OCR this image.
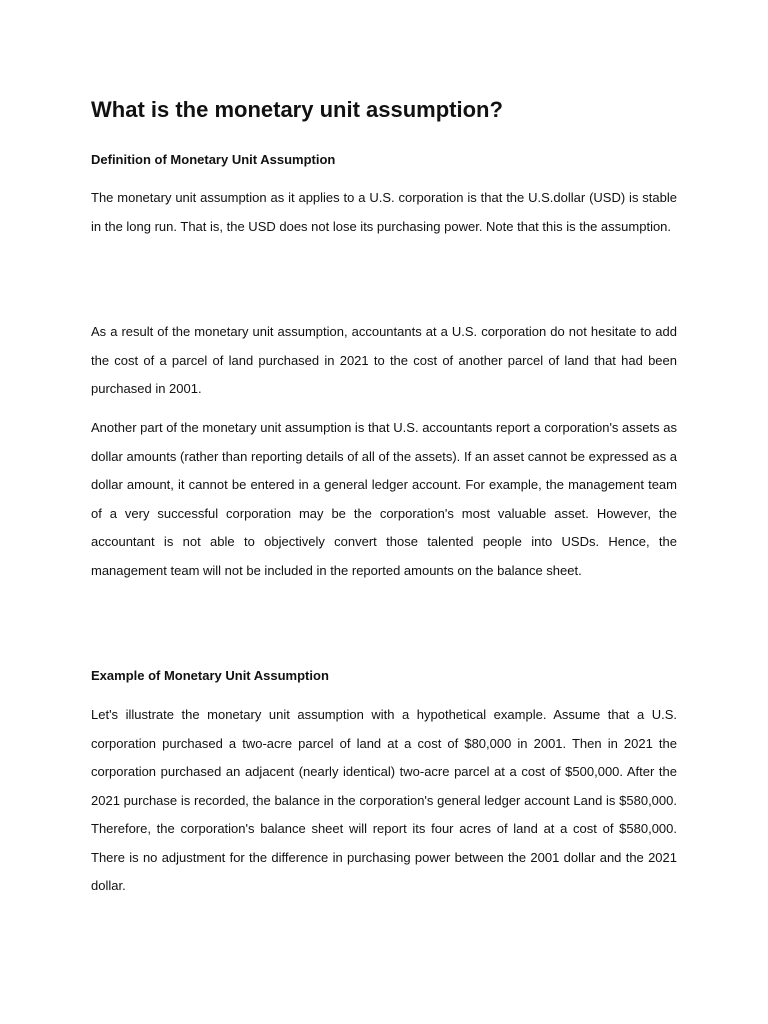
What is the monetary unit assumption?
Definition of Monetary Unit Assumption

The monetary unit assumption as it applies to a U.S. corporation is that the U.S.dollar (USD) is stable in the long run. That is, the USD does not lose its purchasing power. Note that this is the assumption.

As a result of the monetary unit assumption, accountants at a U.S. corporation do not hesitate to add the cost of a parcel of land purchased in 2021 to the cost of another parcel of land that had been purchased in 2001.

Another part of the monetary unit assumption is that U.S. accountants report a corporation's assets as dollar amounts (rather than reporting details of all of the assets). If an asset cannot be expressed as a dollar amount, it cannot be entered in a general ledger account. For example, the management team of a very successful corporation may be the corporation's most valuable asset. However, the accountant is not able to objectively convert those talented people into USDs. Hence, the management team will not be included in the reported amounts on the balance sheet.

Example of Monetary Unit Assumption

Let's illustrate the monetary unit assumption with a hypothetical example. Assume that a U.S. corporation purchased a two-acre parcel of land at a cost of $80,000 in 2001. Then in 2021 the corporation purchased an adjacent (nearly identical) two-acre parcel at a cost of $500,000. After the 2021 purchase is recorded, the balance in the corporation's general ledger account Land is $580,000. Therefore, the corporation's balance sheet will report its four acres of land at a cost of $580,000. There is no adjustment for the difference in purchasing power between the 2001 dollar and the 2021 dollar.
